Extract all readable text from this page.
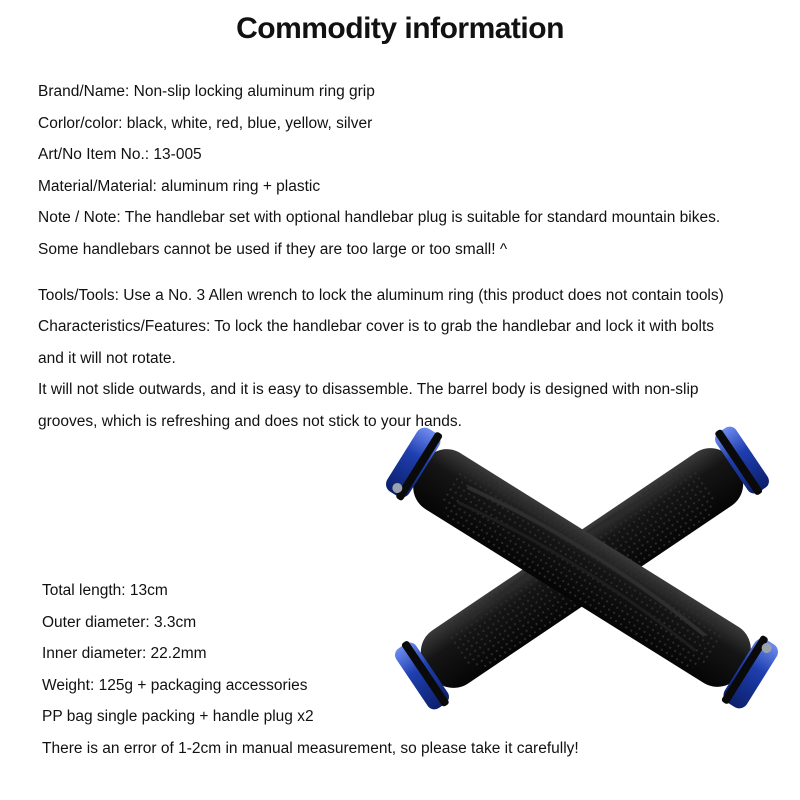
Commodity information
Brand/Name: Non-slip locking aluminum ring grip
Corlor/color: black, white, red, blue, yellow, silver
Art/No Item No.: 13-005
Material/Material: aluminum ring + plastic
Note / Note: The handlebar set with optional handlebar plug is suitable for standard mountain bikes.
Some handlebars cannot be used if they are too large or too small! ^
Tools/Tools: Use a No. 3 Allen wrench to lock the aluminum ring (this product does not contain tools)
Characteristics/Features: To lock the handlebar cover is to grab the handlebar and lock it with bolts
and it will not rotate.
It will not slide outwards, and it is easy to disassemble. The barrel body is designed with non-slip
grooves, which is refreshing and does not stick to your hands.
Total length: 13cm
Outer diameter: 3.3cm
Inner diameter: 22.2mm
Weight: 125g + packaging accessories
PP bag single packing + handle plug x2
There is an error of 1-2cm in manual measurement, so please take it carefully!
